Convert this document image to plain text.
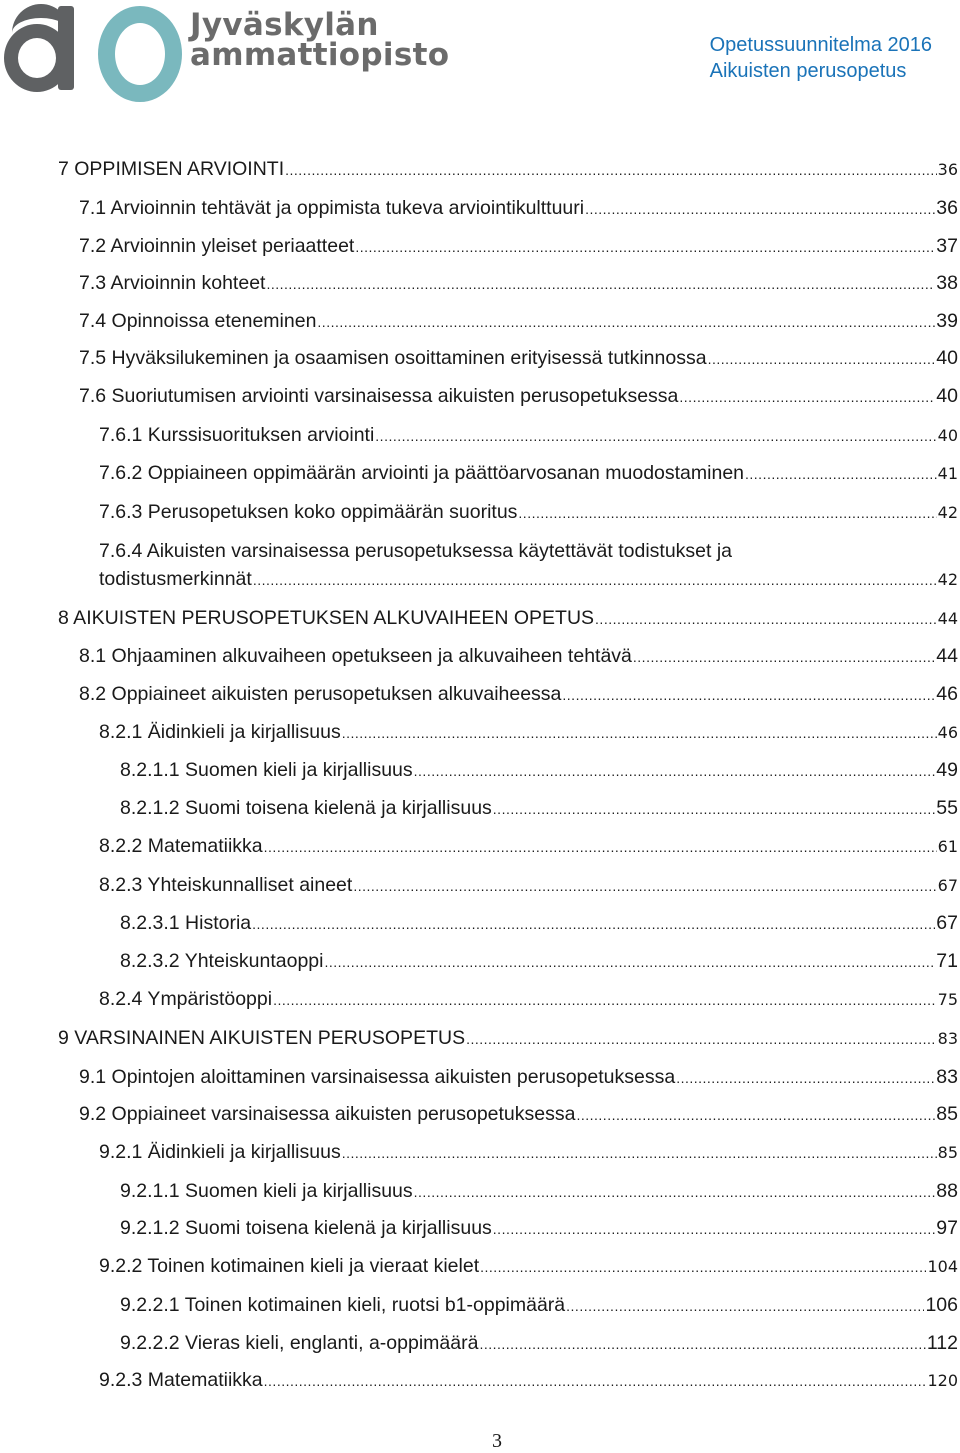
Jyväskylän
ammattiopisto	Opetussuunnitelma 2016
Aikuisten perusopetus
7 OPPIMISEN ARVIOINTI .....	36
7.1 Arvioinnin tehtävät ja oppimista tukeva arviointikulttuuri .....	36
7.2 Arvioinnin yleiset periaatteet .....	37
7.3 Arvioinnin kohteet .....	38
7.4 Opinnoissa eteneminen .....	39
7.5 Hyväksilukeminen ja osaamisen osoittaminen erityisessä tutkinnossa .....	40
7.6 Suoriutumisen arviointi varsinaisessa aikuisten perusopetuksessa .....	40
7.6.1 Kurssisuorituksen arviointi .....	40
7.6.2 Oppiaineen oppimäärän arviointi ja päättöarvosanan muodostaminen .....	41
7.6.3 Perusopetuksen koko oppimäärän suoritus .....	42
7.6.4 Aikuisten varsinaisessa perusopetuksessa käytettävät todistukset ja
todistusmerkinnät .....	42
8 AIKUISTEN PERUSOPETUKSEN ALKUVAIHEEN OPETUS .....	44
8.1 Ohjaaminen alkuvaiheen opetukseen ja alkuvaiheen tehtävä .....	44
8.2 Oppiaineet aikuisten perusopetuksen alkuvaiheessa .....	46
8.2.1 Äidinkieli ja kirjallisuus .....	46
8.2.1.1 Suomen kieli ja kirjallisuus .....	49
8.2.1.2 Suomi toisena kielenä ja kirjallisuus .....	55
8.2.2 Matematiikka .....	61
8.2.3 Yhteiskunnalliset aineet .....	67
8.2.3.1 Historia .....	67
8.2.3.2 Yhteiskuntaoppi .....	71
8.2.4 Ympäristöoppi .....	75
9 VARSINAINEN AIKUISTEN PERUSOPETUS .....	83
9.1 Opintojen aloittaminen varsinaisessa aikuisten perusopetuksessa .....	83
9.2 Oppiaineet varsinaisessa aikuisten perusopetuksessa .....	85
9.2.1 Äidinkieli ja kirjallisuus .....	85
9.2.1.1 Suomen kieli ja kirjallisuus .....	88
9.2.1.2 Suomi toisena kielenä ja kirjallisuus .....	97
9.2.2 Toinen kotimainen kieli ja vieraat kielet .....	104
9.2.2.1 Toinen kotimainen kieli, ruotsi b1-oppimäärä .....	106
9.2.2.2 Vieras kieli, englanti, a-oppimäärä .....	112
9.2.3 Matematiikka .....	120
3
